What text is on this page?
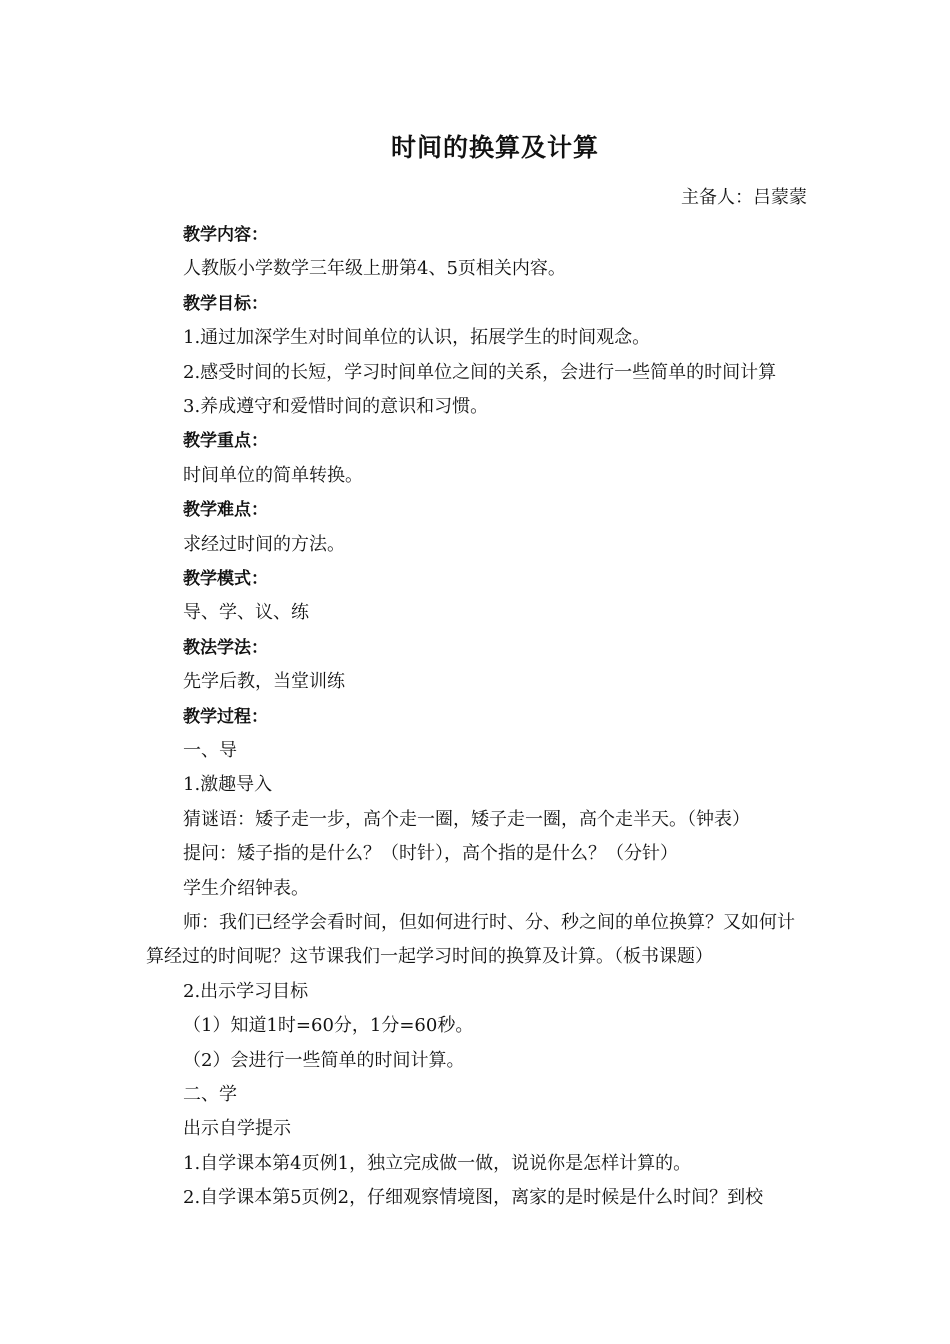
时间的换算及计算
主备人：吕蒙蒙
教学内容：
人教版小学数学三年级上册第4、5页相关内容。
教学目标：
1.通过加深学生对时间单位的认识，拓展学生的时间观念。
2.感受时间的长短，学习时间单位之间的关系，会进行一些简单的时间计算
3.养成遵守和爱惜时间的意识和习惯。
教学重点：
时间单位的简单转换。
教学难点：
求经过时间的方法。
教学模式：
导、学、议、练
教法学法：
先学后教，当堂训练
教学过程：
一、导
1.激趣导入
猜谜语：矮子走一步，高个走一圈，矮子走一圈，高个走半天。（钟表）
提问：矮子指的是什么？（时针），高个指的是什么？（分针）
学生介绍钟表。
师：我们已经学会看时间，但如何进行时、分、秒之间的单位换算？又如何计
算经过的时间呢？这节课我们一起学习时间的换算及计算。（板书课题）
2.出示学习目标
（1）知道1时=60分，1分=60秒。
（2）会进行一些简单的时间计算。
二、学
出示自学提示
1.自学课本第4页例1，独立完成做一做，说说你是怎样计算的。
2.自学课本第5页例2，仔细观察情境图，离家的是时候是什么时间？到校
